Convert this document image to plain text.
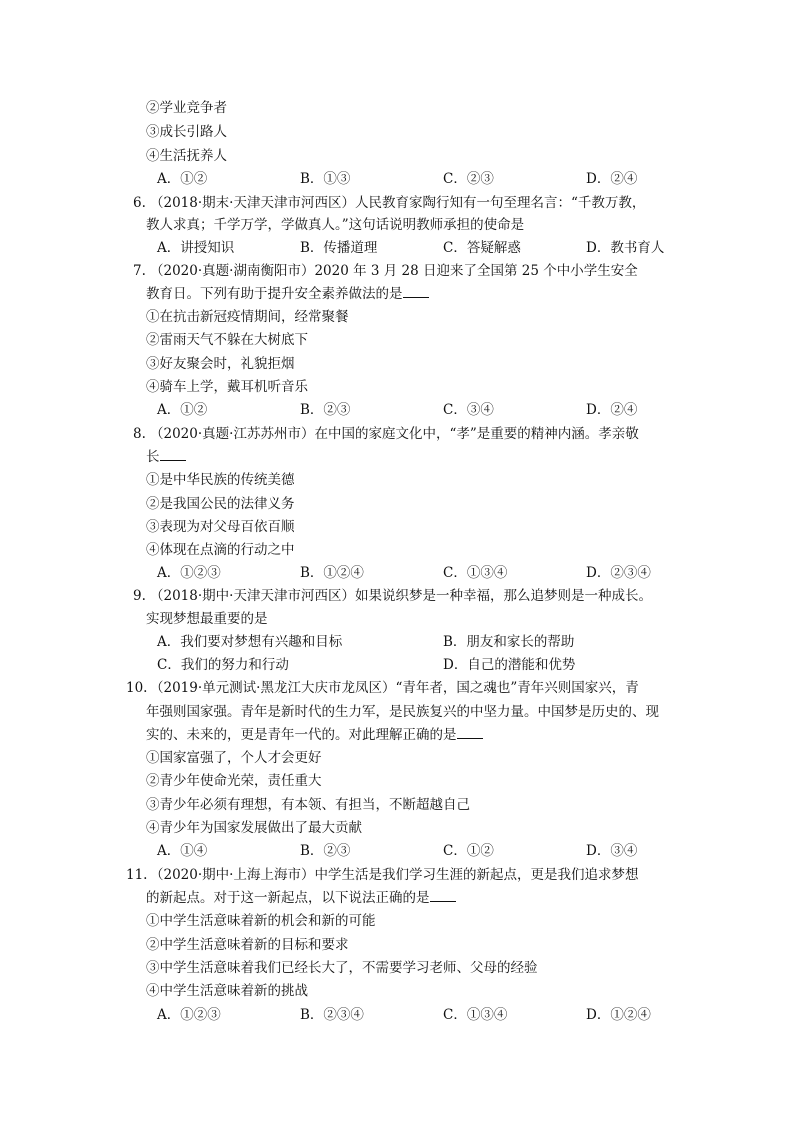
②学业竞争者
③成长引路人
④生活抚养人
A．①②	B．①③	C．②③	D．②④
6. （2018·期末·天津天津市河西区）人民教育家陶行知有一句至理名言：“千教万教，
教人求真；千学万学，学做真人。”这句话说明教师承担的使命是
A．讲授知识	B．传播道理	C．答疑解惑	D．教书育人
7. （2020·真题·湖南衡阳市）2020 年 3 月 28 日迎来了全国第 25 个中小学生安全
教育日。下列有助于提升安全素养做法的是
①在抗击新冠疫情期间，经常聚餐
②雷雨天气不躲在大树底下
③好友聚会时，礼貌拒烟
④骑车上学，戴耳机听音乐
A．①②	B．②③	C．③④	D．②④
8. （2020·真题·江苏苏州市）在中国的家庭文化中，“孝”是重要的精神内涵。孝亲敬
长
①是中华民族的传统美德
②是我国公民的法律义务
③表现为对父母百依百顺
④体现在点滴的行动之中
A．①②③	B．①②④	C．①③④	D．②③④
9. （2018·期中·天津天津市河西区）如果说织梦是一种幸福，那么追梦则是一种成长。
实现梦想最重要的是
A．我们要对梦想有兴趣和目标	B．朋友和家长的帮助
C．我们的努力和行动	D．自己的潜能和优势
10. （2019·单元测试·黑龙江大庆市龙凤区）“青年者，国之魂也”青年兴则国家兴，青
年强则国家强。青年是新时代的生力军，是民族复兴的中坚力量。中国梦是历史的、现
实的、未来的，更是青年一代的。对此理解正确的是
①国家富强了，个人才会更好
②青少年使命光荣，责任重大
③青少年必须有理想，有本领、有担当，不断超越自己
④青少年为国家发展做出了最大贡献
A．①④	B．②③	C．①②	D．③④
11. （2020·期中·上海上海市）中学生活是我们学习生涯的新起点，更是我们追求梦想
的新起点。对于这一新起点，以下说法正确的是
①中学生活意味着新的机会和新的可能
②中学生活意味着新的目标和要求
③中学生活意味着我们已经长大了，不需要学习老师、父母的经验
④中学生活意味着新的挑战
A．①②③	B．②③④	C．①③④	D．①②④
